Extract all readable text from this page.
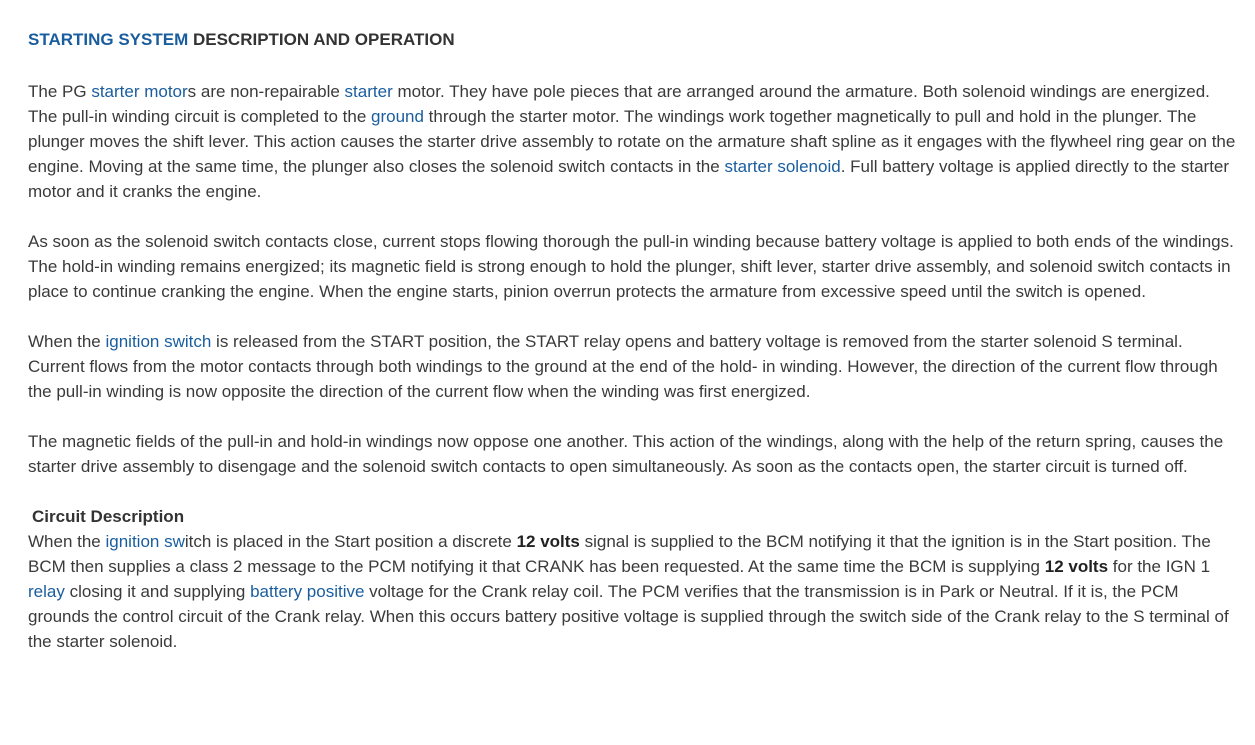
STARTING SYSTEM DESCRIPTION AND OPERATION

The PG starter motors are non-repairable starter motor. They have pole pieces that are arranged around the armature. Both solenoid windings are energized. The pull-in winding circuit is completed to the ground through the starter motor. The windings work together magnetically to pull and hold in the plunger. The plunger moves the shift lever. This action causes the starter drive assembly to rotate on the armature shaft spline as it engages with the flywheel ring gear on the engine. Moving at the same time, the plunger also closes the solenoid switch contacts in the starter solenoid. Full battery voltage is applied directly to the starter motor and it cranks the engine.

As soon as the solenoid switch contacts close, current stops flowing thorough the pull-in winding because battery voltage is applied to both ends of the windings. The hold-in winding remains energized; its magnetic field is strong enough to hold the plunger, shift lever, starter drive assembly, and solenoid switch contacts in place to continue cranking the engine. When the engine starts, pinion overrun protects the armature from excessive speed until the switch is opened.

When the ignition switch is released from the START position, the START relay opens and battery voltage is removed from the starter solenoid S terminal. Current flows from the motor contacts through both windings to the ground at the end of the hold- in winding. However, the direction of the current flow through the pull-in winding is now opposite the direction of the current flow when the winding was first energized.

The magnetic fields of the pull-in and hold-in windings now oppose one another. This action of the windings, along with the help of the return spring, causes the starter drive assembly to disengage and the solenoid switch contacts to open simultaneously. As soon as the contacts open, the starter circuit is turned off.

Circuit Description

When the ignition switch is placed in the Start position a discrete 12 volts signal is supplied to the BCM notifying it that the ignition is in the Start position. The BCM then supplies a class 2 message to the PCM notifying it that CRANK has been requested. At the same time the BCM is supplying 12 volts for the IGN 1 relay closing it and supplying battery positive voltage for the Crank relay coil. The PCM verifies that the transmission is in Park or Neutral. If it is, the PCM grounds the control circuit of the Crank relay. When this occurs battery positive voltage is supplied through the switch side of the Crank relay to the S terminal of the starter solenoid.
